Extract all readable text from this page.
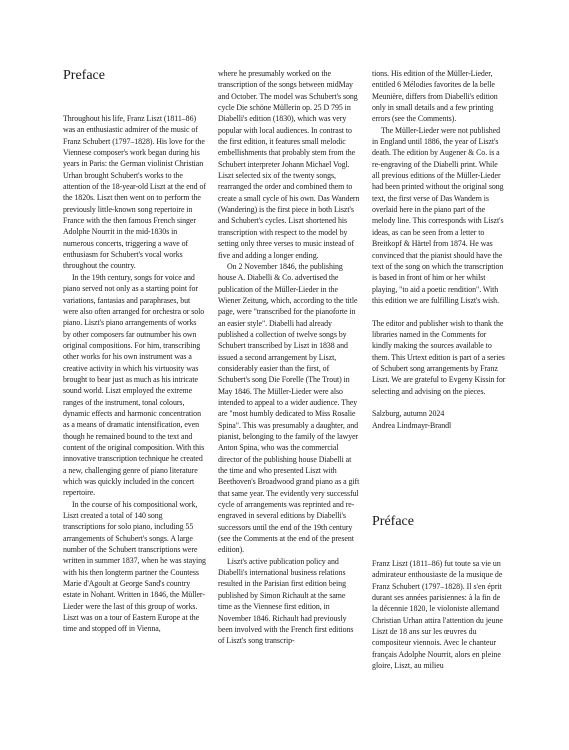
Preface

Throughout his life, Franz Liszt (1811–86) was an enthusiastic admirer of the music of Franz Schubert (1797–1828). His love for the Viennese composer's work began during his years in Paris: the German violinist Christian Urhan brought Schubert's works to the attention of the 18-year-old Liszt at the end of the 1820s. Liszt then went on to perform the previously little-known song repertoire in France with the then famous French singer Adolphe Nourrit in the mid-1830s in numerous concerts, triggering a wave of enthusiasm for Schubert's vocal works throughout the country.

In the 19th century, songs for voice and piano served not only as a starting point for variations, fantasias and paraphrases, but were also often arranged for orchestra or solo piano. Liszt's piano arrangements of works by other composers far outnumber his own original compositions. For him, transcribing other works for his own instrument was a creative activity in which his virtuosity was brought to bear just as much as his intricate sound world. Liszt employed the extreme ranges of the instrument, tonal colours, dynamic effects and harmonic concentration as a means of dramatic intensification, even though he remained bound to the text and content of the original composition. With this innovative transcription technique he created a new, challenging genre of piano literature which was quickly included in the concert repertoire.

In the course of his compositional work, Liszt created a total of 140 song transcriptions for solo piano, including 55 arrangements of Schubert's songs. A large number of the Schubert transcriptions were written in summer 1837, when he was staying with his then longterm partner the Countess Marie d'Agoult at George Sand's country estate in Nohant. Written in 1846, the Müller-Lieder were the last of this group of works. Liszt was on a tour of Eastern Europe at the time and stopped off in Vienna,

where he presumably worked on the transcription of the songs between midMay and October. The model was Schubert's song cycle Die schöne Müllerin op. 25 D 795 in Diabelli's edition (1830), which was very popular with local audiences. In contrast to the first edition, it features small melodic embellishments that probably stem from the Schubert interpreter Johann Michael Vogl. Liszt selected six of the twenty songs, rearranged the order and combined them to create a small cycle of his own. Das Wandern (Wandering) is the first piece in both Liszt's and Schubert's cycles. Liszt shortened his transcription with respect to the model by setting only three verses to music instead of five and adding a longer ending.

On 2 November 1846, the publishing house A. Diabelli & Co. advertised the publication of the Müller-Lieder in the Wiener Zeitung, which, according to the title page, were "transcribed for the pianoforte in an easier style". Diabelli had already published a collection of twelve songs by Schubert transcribed by Liszt in 1838 and issued a second arrangement by Liszt, considerably easier than the first, of Schubert's song Die Forelle (The Trout) in May 1846. The Müller-Lieder were also intended to appeal to a wider audience. They are "most humbly dedicated to Miss Rosalie Spina". This was presumably a daughter, and pianist, belonging to the family of the lawyer Anton Spina, who was the commercial director of the publishing house Diabelli at the time and who presented Liszt with Beethoven's Broadwood grand piano as a gift that same year. The evidently very successful cycle of arrangements was reprinted and re-engraved in several editions by Diabelli's successors until the end of the 19th century (see the Comments at the end of the present edition).

Liszt's active publication policy and Diabelli's international business relations resulted in the Parisian first edition being published by Simon Richault at the same time as the Viennese first edition, in November 1846. Richault had previously been involved with the French first editions of Liszt's song transcrip-

tions. His edition of the Müller-Lieder, entitled 6 Mélodies favorites de la belle Meunière, differs from Diabelli's edition only in small details and a few printing errors (see the Comments).

The Müller-Lieder were not published in England until 1886, the year of Liszt's death. The edition by Augener & Co. is a re-engraving of the Diabelli print. While all previous editions of the Müller-Lieder had been printed without the original song text, the first verse of Das Wandern is overlaid here in the piano part of the melody line. This corresponds with Liszt's ideas, as can be seen from a letter to Breitkopf & Härtel from 1874. He was convinced that the pianist should have the text of the song on which the transcription is based in front of him or her whilst playing, "to aid a poetic rendition". With this edition we are fulfilling Liszt's wish.

The editor and publisher wish to thank the libraries named in the Comments for kindly making the sources available to them. This Urtext edition is part of a series of Schubert song arrangements by Franz Liszt. We are grateful to Evgeny Kissin for selecting and advising on the pieces.

Salzburg, autumn 2024

Andrea Lindmayr-Brandl

Préface

Franz Liszt (1811–86) fut toute sa vie un admirateur enthousiaste de la musique de Franz Schubert (1797–1828). Il s'en éprit durant ses années parisiennes: à la fin de la décennie 1820, le violoniste allemand Christian Urhan attira l'attention du jeune Liszt de 18 ans sur les œuvres du compositeur viennois. Avec le chanteur français Adolphe Nourrit, alors en pleine gloire, Liszt, au milieu
